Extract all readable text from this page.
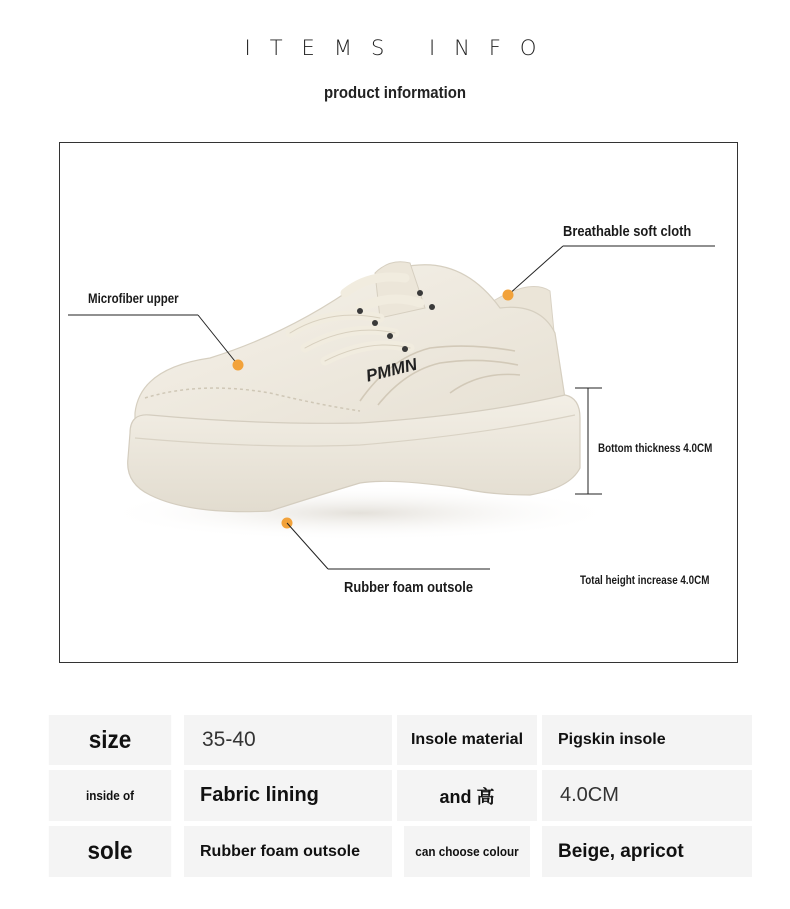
ITEMS INFO
product information
PMMN
Breathable soft cloth
Microfiber upper
Bottom thickness 4.0CM
Total height increase 4.0CM
Rubber foam outsole
size	35-40	Insole material	Pigskin insole
inside of	Fabric lining	and 高	4.0CM
sole	Rubber foam outsole	can choose colour	Beige, apricot
